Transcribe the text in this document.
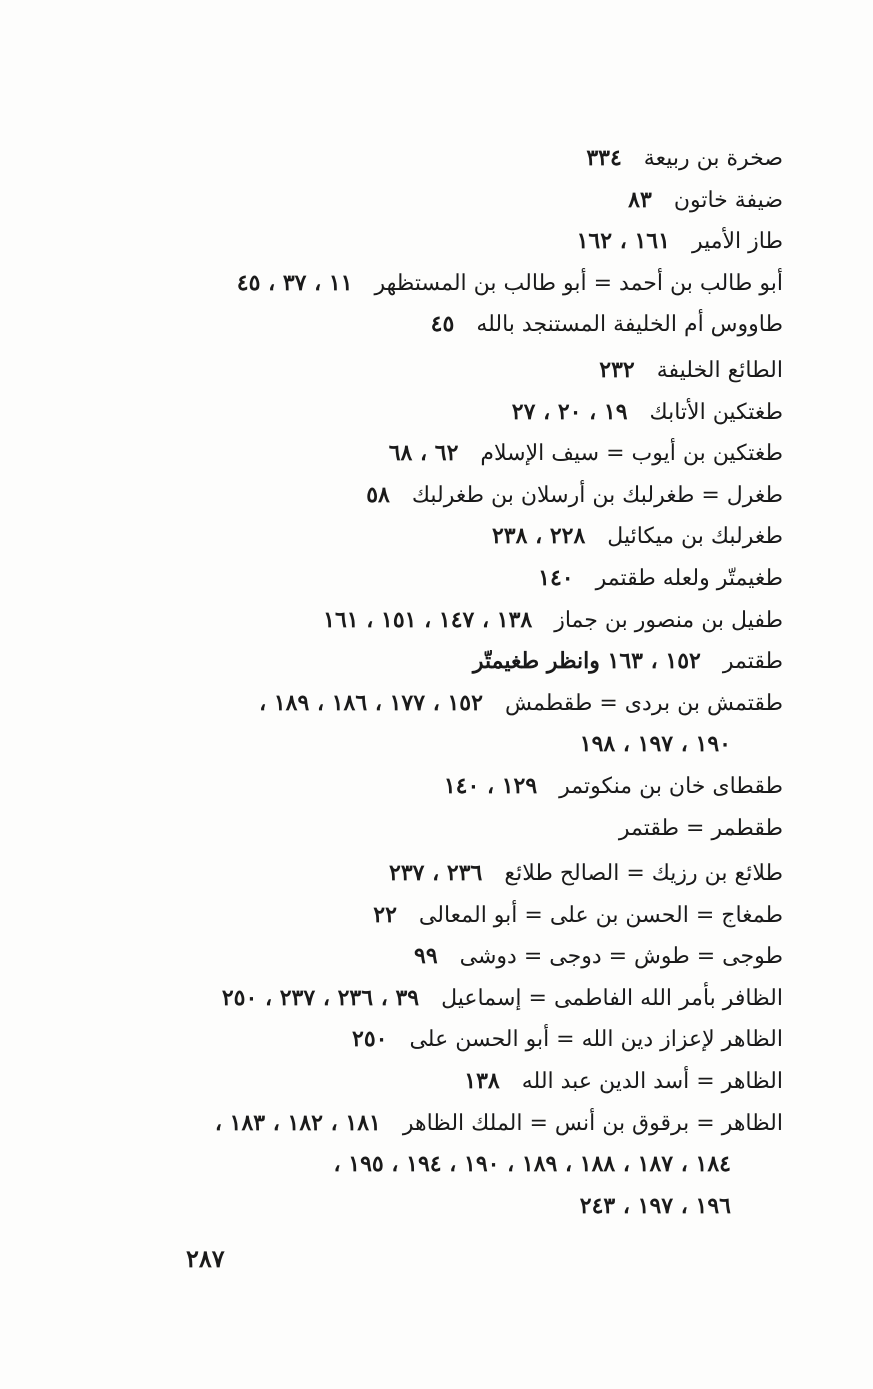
صخرة بن ربيعة٣٣٤
ضيفة خاتون٨٣
طاز الأمير١٦١ ، ١٦٢
أبو طالب بن أحمد = أبو طالب بن المستظهر١١ ، ٣٧ ، ٤٥
طاووس أم الخليفة المستنجد بالله٤٥
الطائع الخليفة٢٣٢
طغتكين الأتابك١٩ ، ٢٠ ، ٢٧
طغتكين بن أيوب = سيف الإسلام٦٢ ، ٦٨
طغرل = طغرلبك بن أرسلان بن طغرلبك٥٨
طغرلبك بن ميكائيل٢٢٨ ، ٢٣٨
طغيمتّر ولعله طقتمر١٤٠
طفيل بن منصور بن جماز١٣٨ ، ١٤٧ ، ١٥١ ، ١٦١
طقتمر١٥٢ ، ١٦٣ وانظر طغيمتّر
طقتمش بن بردى = طقطمش١٥٢ ، ١٧٧ ، ١٨٦ ، ١٨٩ ،
١٩٠ ، ١٩٧ ، ١٩٨
طقطاى خان بن منكوتمر١٢٩ ، ١٤٠
طقطمر = طقتمر
طلائع بن رزيك = الصالح طلائع٢٣٦ ، ٢٣٧
طمغاج = الحسن بن على = أبو المعالى٢٢
طوجى = طوش = دوجى = دوشى٩٩
الظافر بأمر الله الفاطمى = إسماعيل٣٩ ، ٢٣٦ ، ٢٣٧ ، ٢٥٠
الظاهر لإعزاز دين الله = أبو الحسن على٢٥٠
الظاهر = أسد الدين عبد الله١٣٨
الظاهر = برقوق بن أنس = الملك الظاهر١٨١ ، ١٨٢ ، ١٨٣ ،
١٨٤ ، ١٨٧ ، ١٨٨ ، ١٨٩ ، ١٩٠ ، ١٩٤ ، ١٩٥ ،
١٩٦ ، ١٩٧ ، ٢٤٣
٢٨٧
